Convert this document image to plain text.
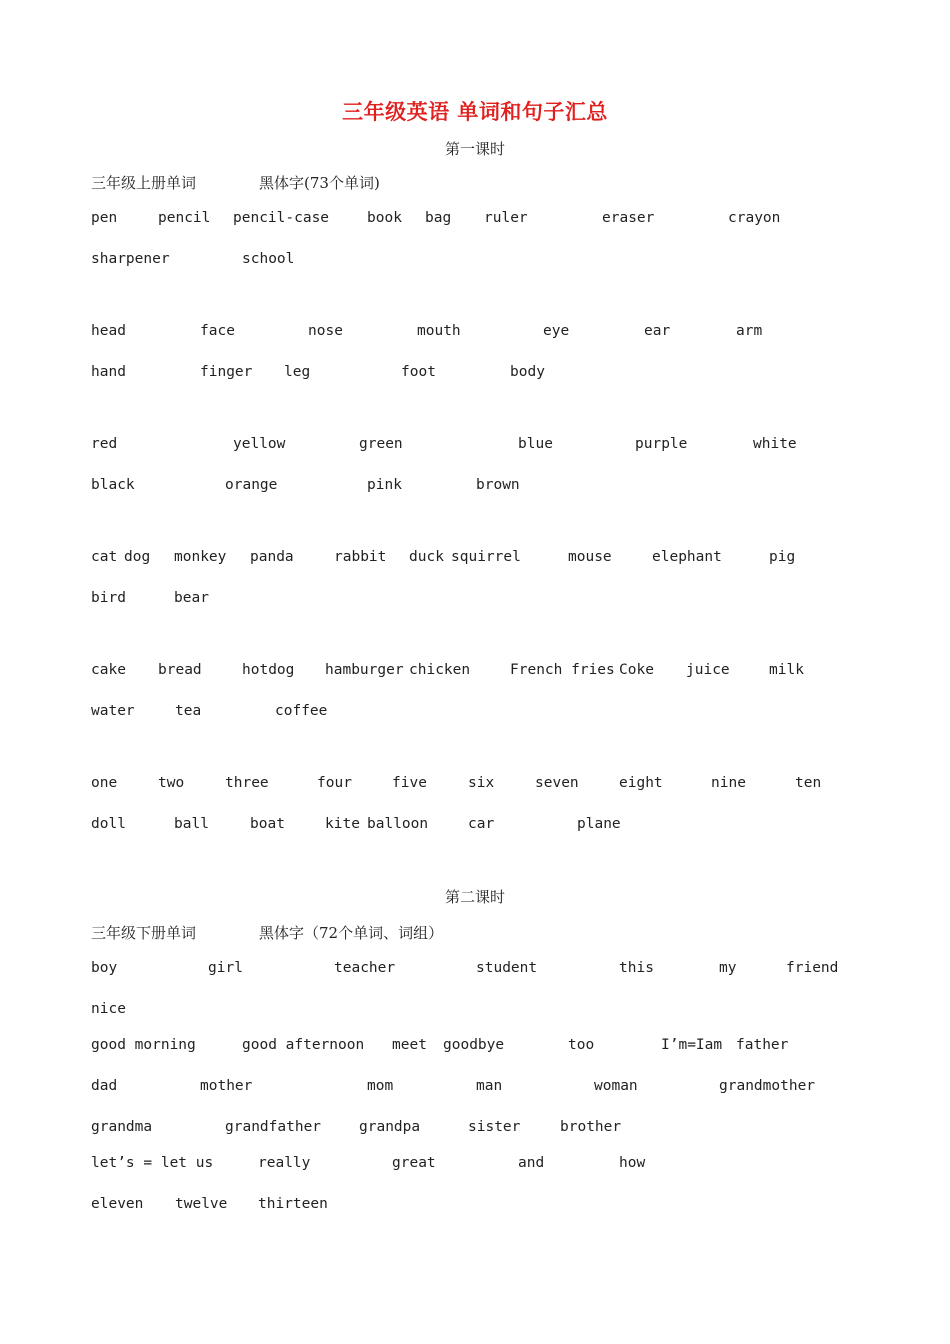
三年级英语 单词和句子汇总
第一课时
三年级上册单词	黑体字(73个单词)
pen	pencil pencil-case	book bag ruler	eraser	crayon
sharpener	school
head	face	nose	mouth	eye	ear	arm
hand	finger leg	foot	body
red	yellow	green	blue	purple	white
black	orange	pink	brown
cat dog monkey panda	rabbit duck squirrel	mouse	elephant	pig
bird	bear
cake bread	hotdog hamburger chicken	French fries Coke juice	milk
water	tea	coffee
one	two	three	four	five	six	seven	eight	nine	ten
doll	ball	boat	kite balloon	car	plane
第二课时
三年级下册单词	黑体字（72个单词、词组）
boy	girl	teacher	student	this	my	friend
nice
good morning	good afternoon meet goodbye	too	I’m=Iam father
dad	mother	mom	man	woman	grandmother
grandma	grandfather	grandpa	sister	brother
let’s = let us	really	great	and	how
eleven twelve thirteen
